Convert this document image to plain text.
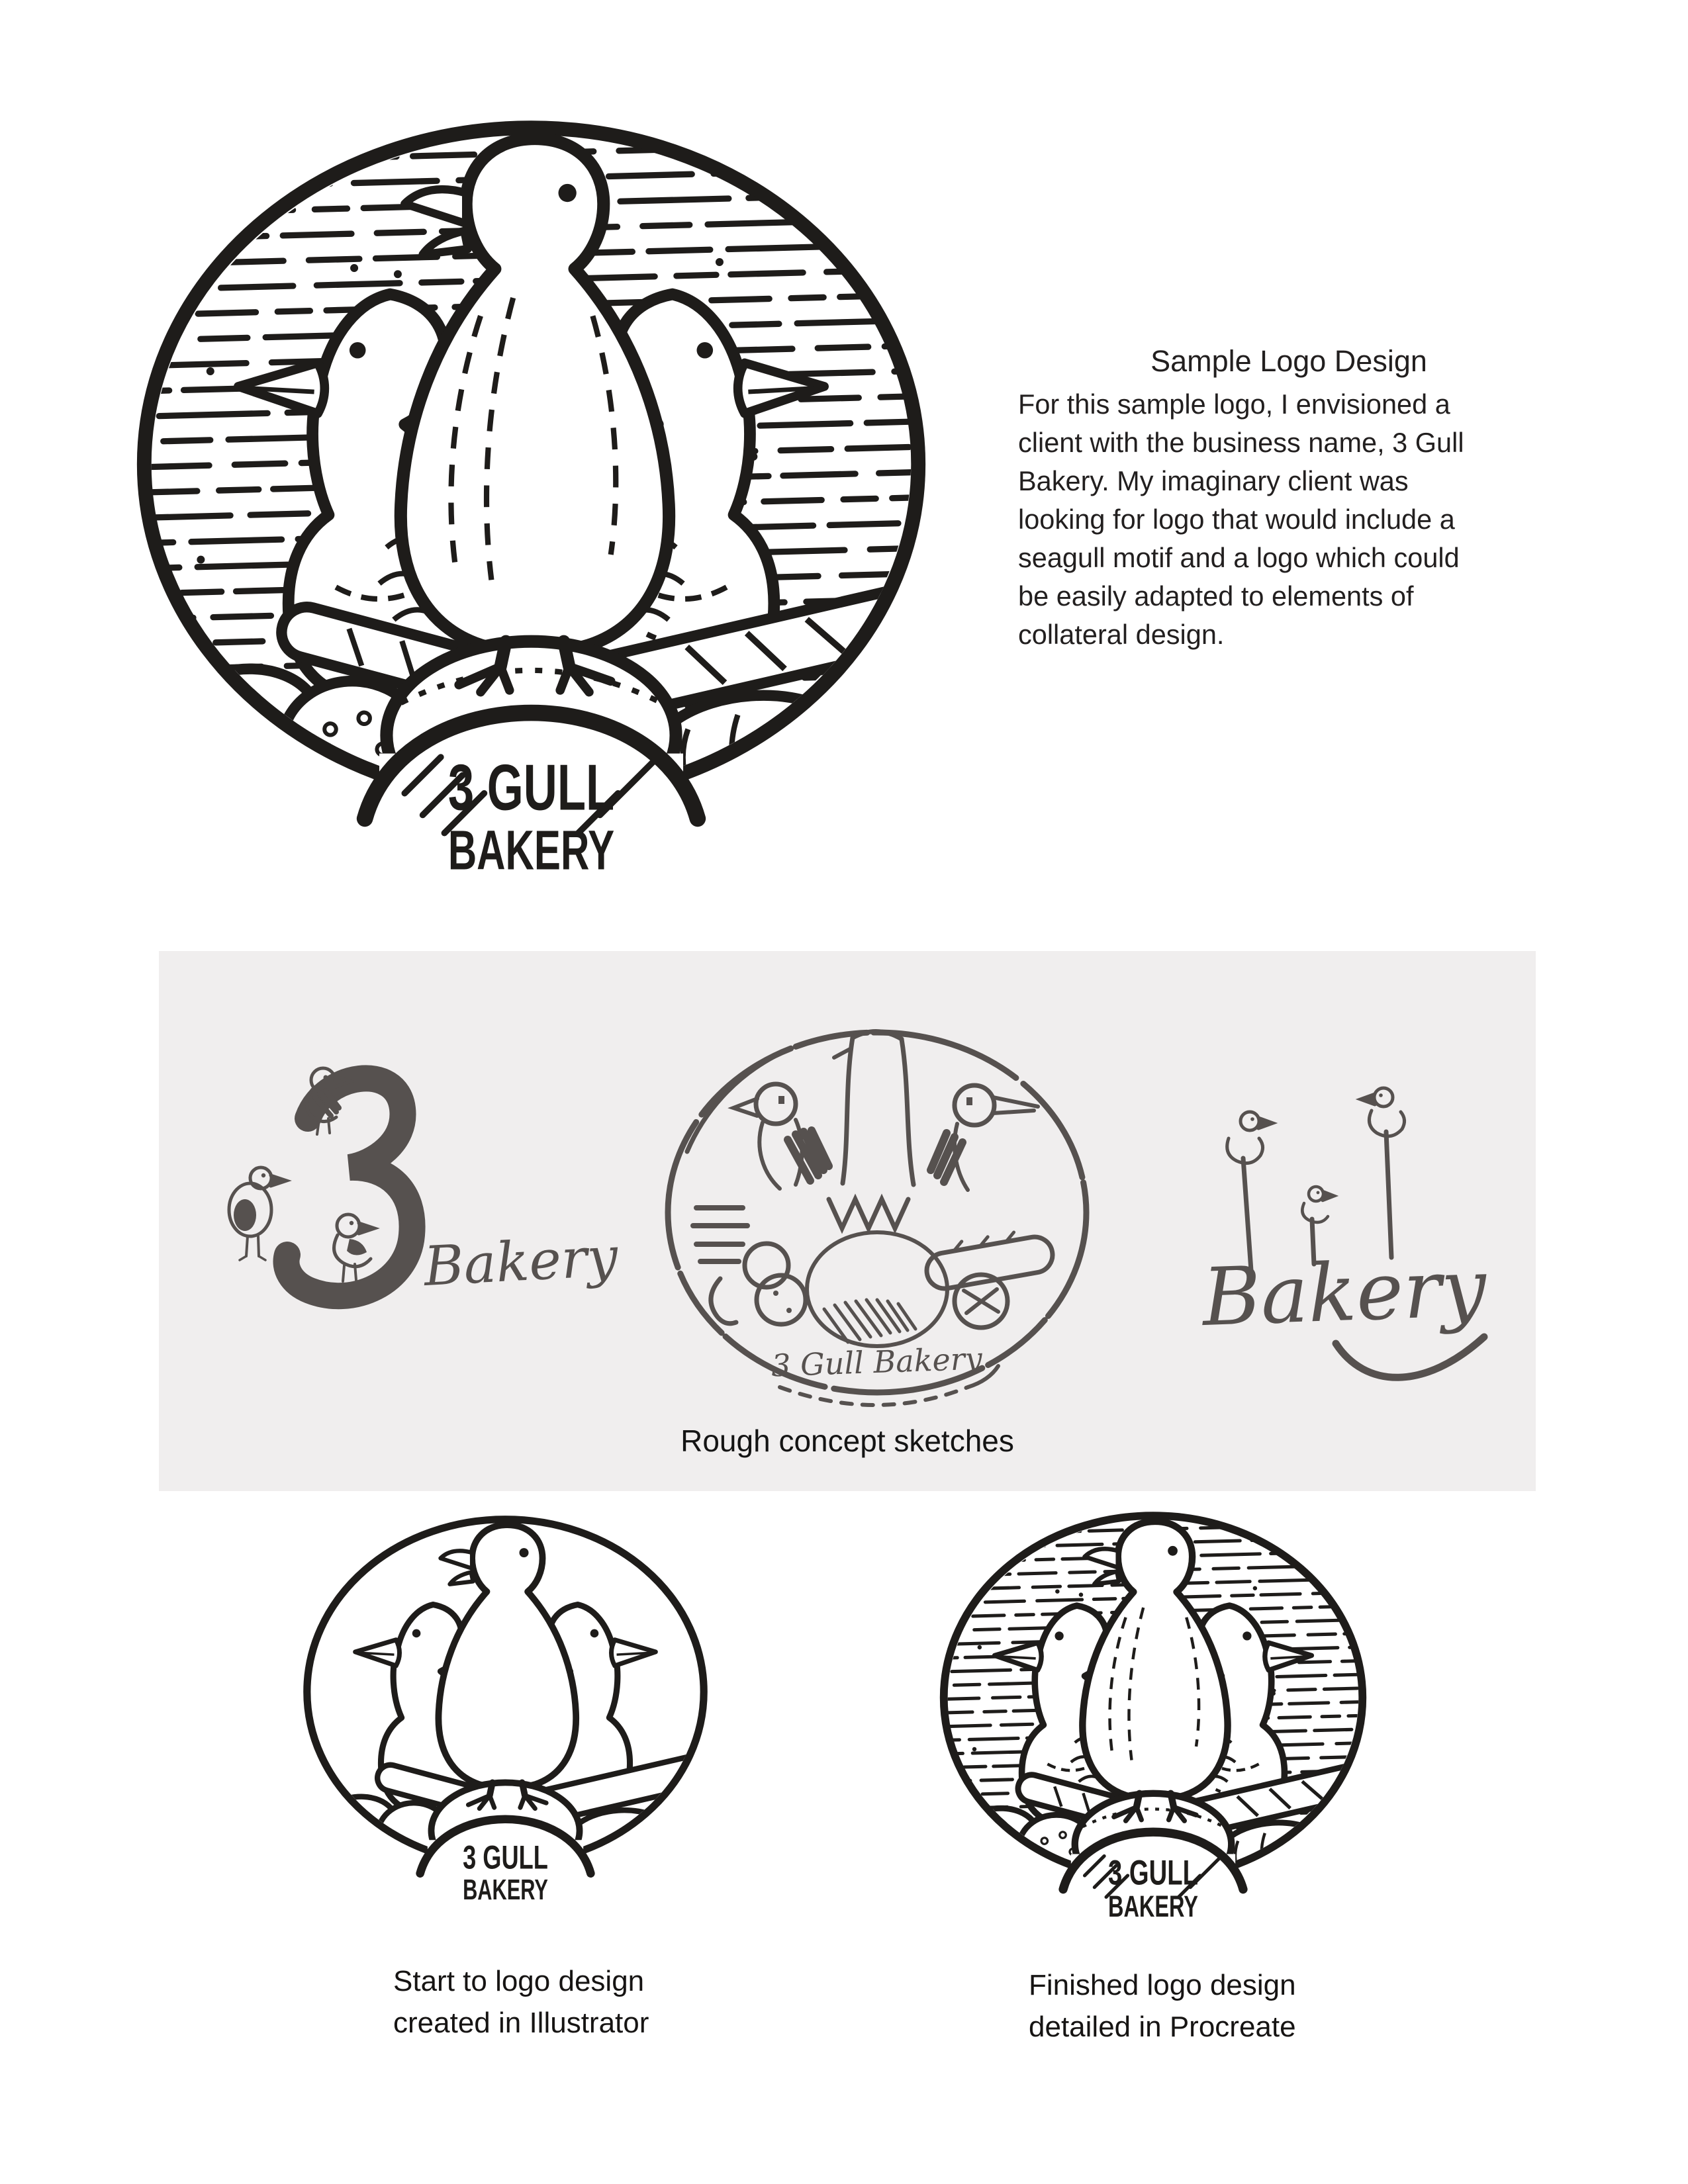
3 GULL
BAKERY
Sample Logo Design
For this sample logo, I envisioned a
client with the business name, 3 Gull
Bakery. My imaginary client was
looking for logo that would include a
seagull motif and a logo which could
be easily adapted to elements of
collateral design.
Bakery
3 Gull Bakery
Bakery
Rough concept sketches
3 GULL
BAKERY	3 GULL
BAKERY
Start to logo design
created in Illustrator
Finished logo design
detailed in Procreate
